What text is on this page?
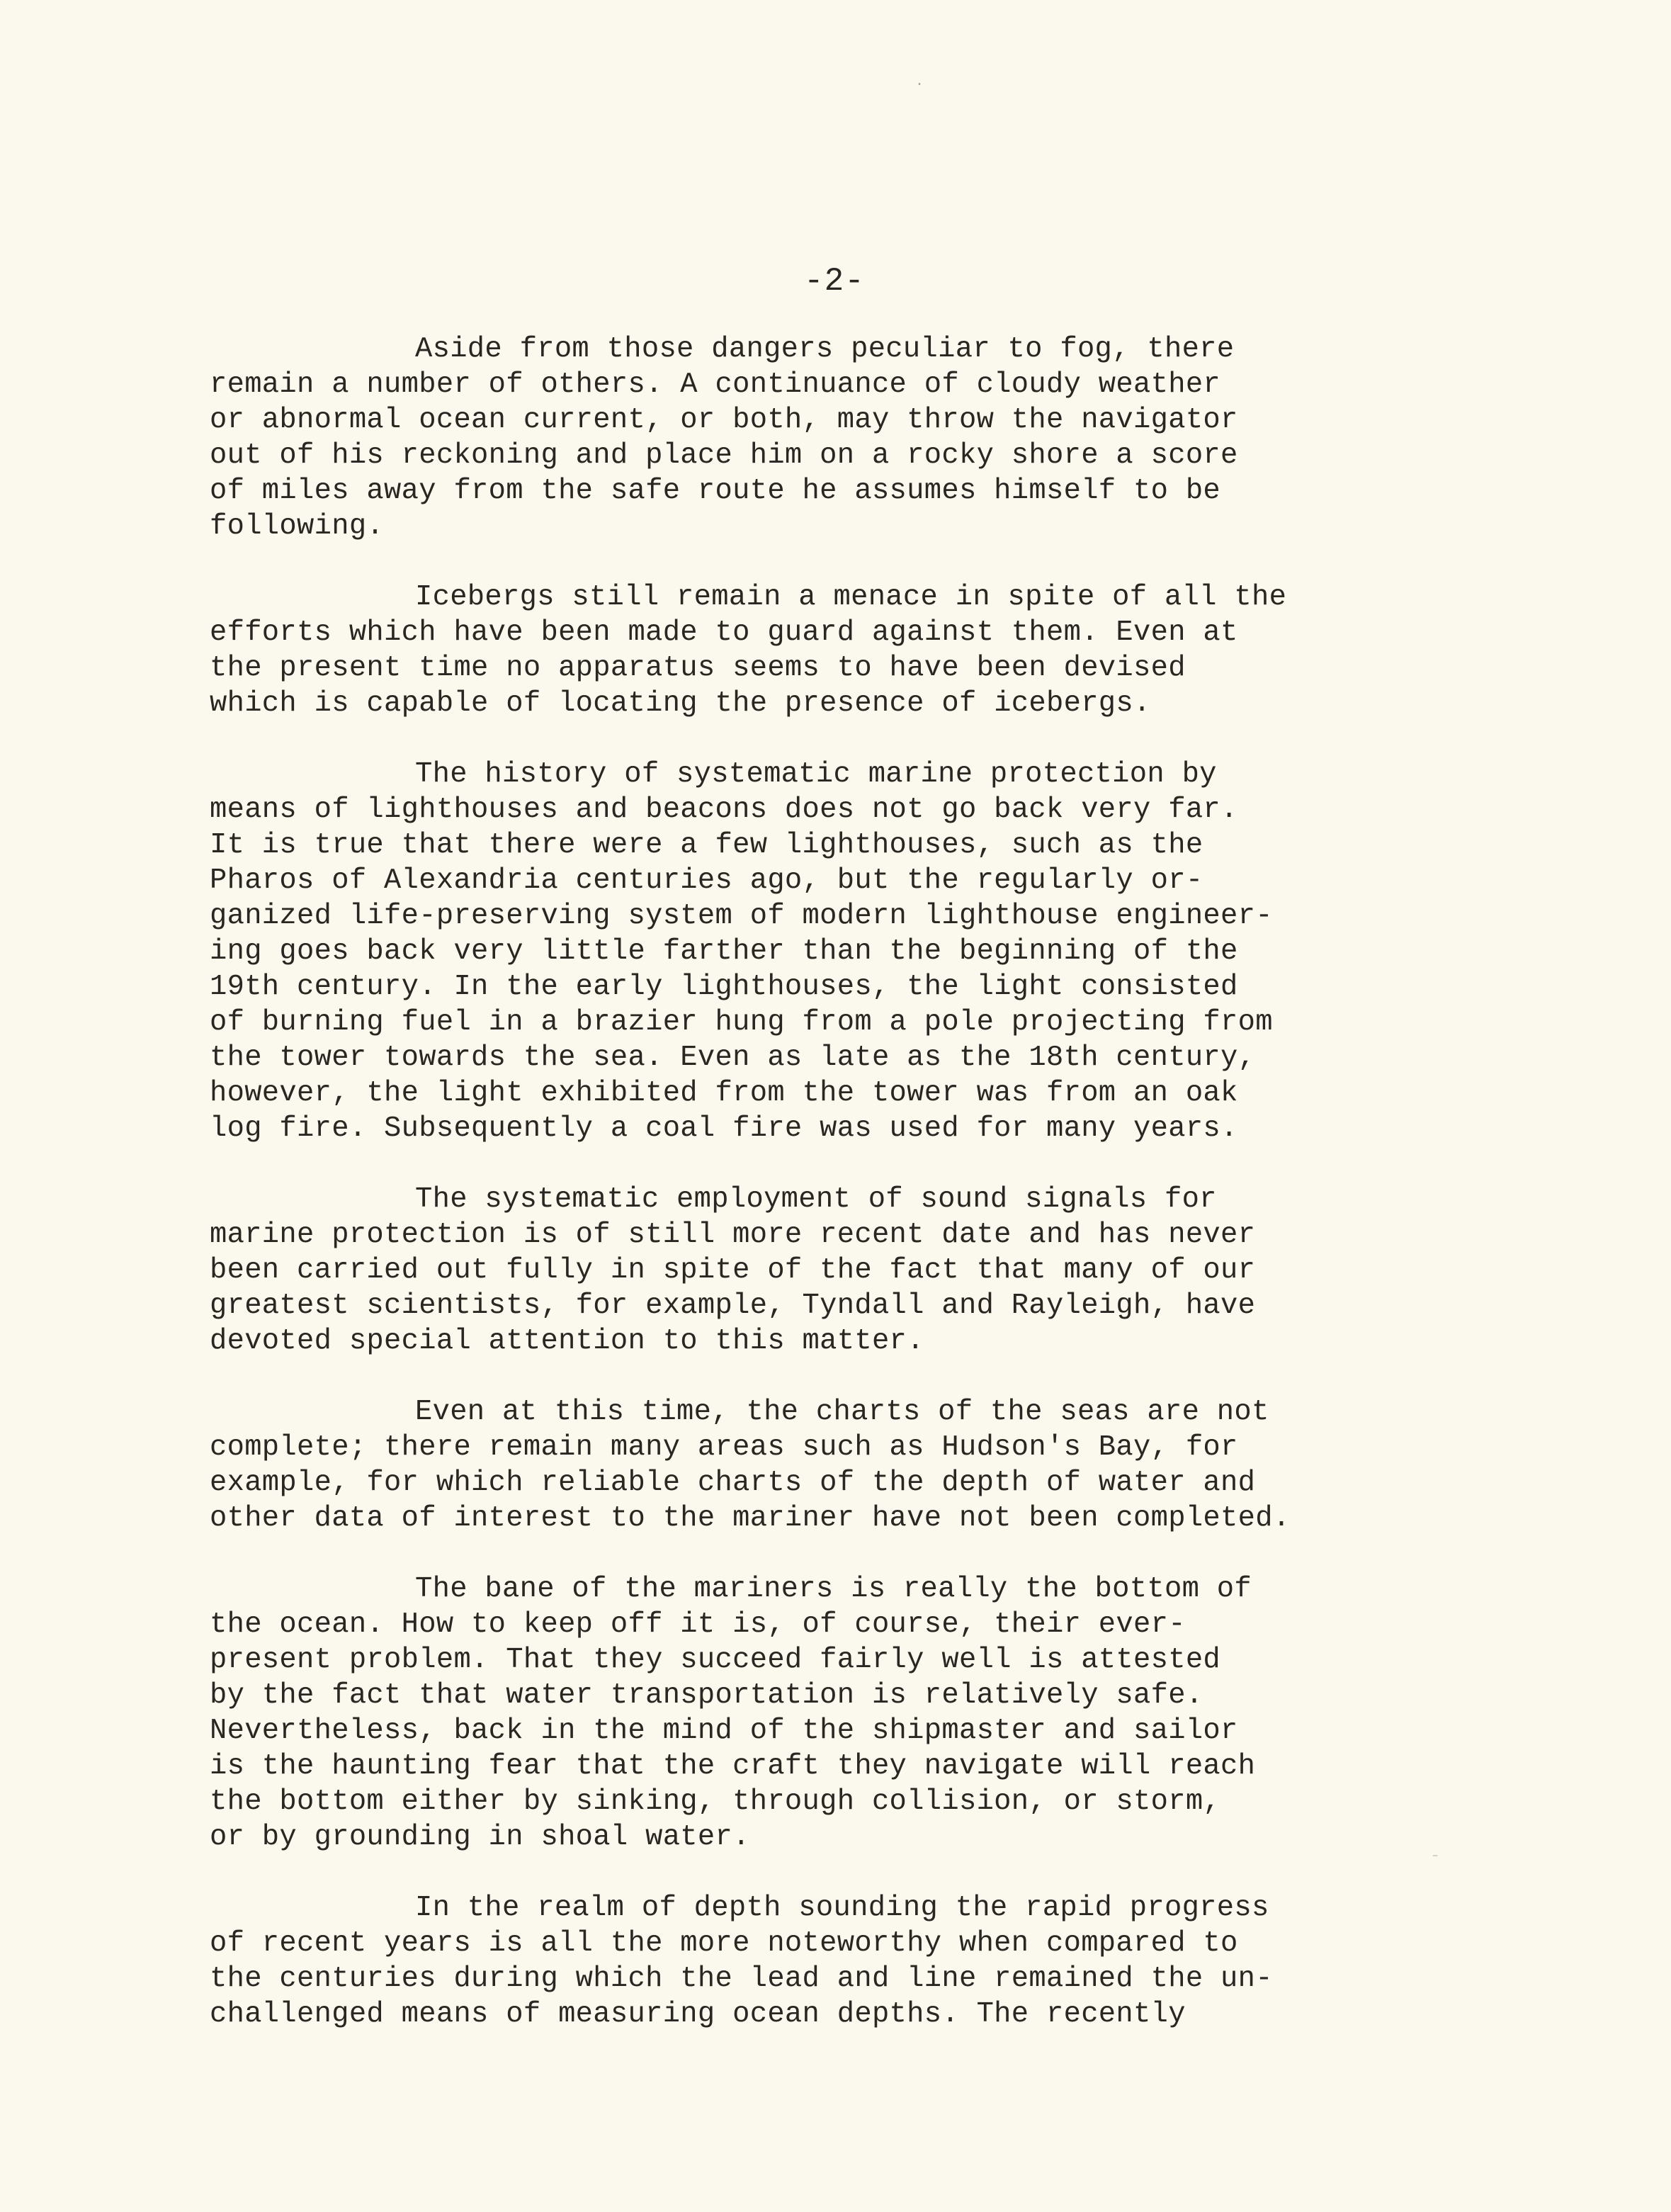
-2-
Aside from those dangers peculiar to fog, there
remain a number of others. A continuance of cloudy weather
or abnormal ocean current, or both, may throw the navigator
out of his reckoning and place him on a rocky shore a score
of miles away from the safe route he assumes himself to be
following.
Icebergs still remain a menace in spite of all the
efforts which have been made to guard against them. Even at
the present time no apparatus seems to have been devised
which is capable of locating the presence of icebergs.
The history of systematic marine protection by
means of lighthouses and beacons does not go back very far.
It is true that there were a few lighthouses, such as the
Pharos of Alexandria centuries ago, but the regularly or-
ganized life-preserving system of modern lighthouse engineer-
ing goes back very little farther than the beginning of the
19th century. In the early lighthouses, the light consisted
of burning fuel in a brazier hung from a pole projecting from
the tower towards the sea. Even as late as the 18th century,
however, the light exhibited from the tower was from an oak
log fire. Subsequently a coal fire was used for many years.
The systematic employment of sound signals for
marine protection is of still more recent date and has never
been carried out fully in spite of the fact that many of our
greatest scientists, for example, Tyndall and Rayleigh, have
devoted special attention to this matter.
Even at this time, the charts of the seas are not
complete; there remain many areas such as Hudson's Bay, for
example, for which reliable charts of the depth of water and
other data of interest to the mariner have not been completed.
The bane of the mariners is really the bottom of
the ocean. How to keep off it is, of course, their ever-
present problem. That they succeed fairly well is attested
by the fact that water transportation is relatively safe.
Nevertheless, back in the mind of the shipmaster and sailor
is the haunting fear that the craft they navigate will reach
the bottom either by sinking, through collision, or storm,
or by grounding in shoal water.
In the realm of depth sounding the rapid progress
of recent years is all the more noteworthy when compared to
the centuries during which the lead and line remained the un-
challenged means of measuring ocean depths. The recently
·
⁻
